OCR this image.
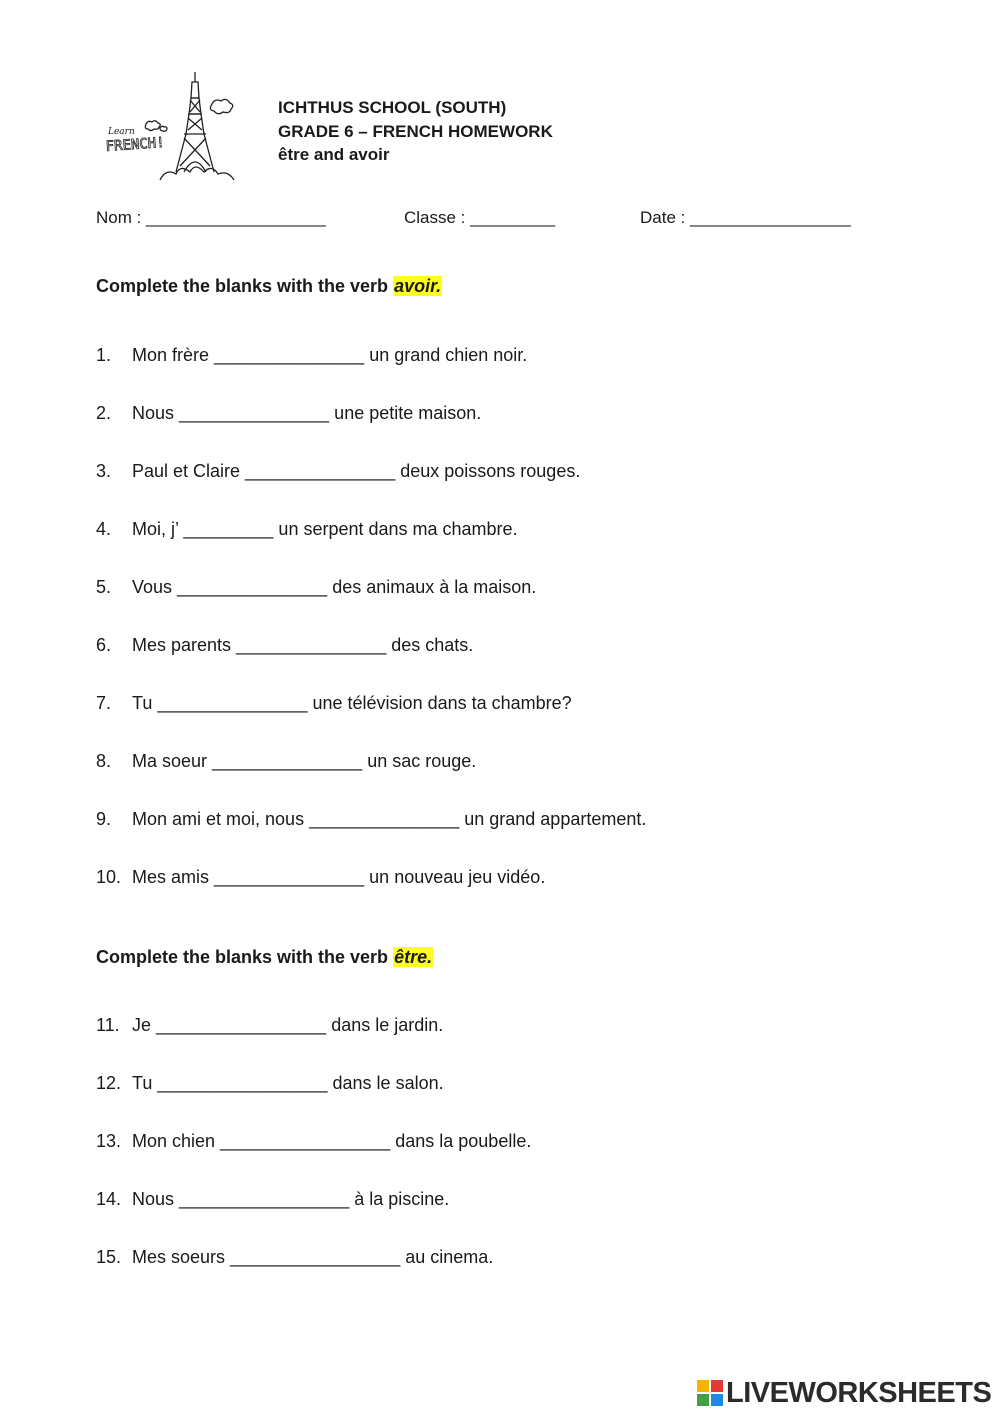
Learn
FRENCH!
ICHTHUS SCHOOL (SOUTH)
GRADE 6 – FRENCH HOMEWORK
être and avoir
Nom : ___________________	Classe : _________	Date : _________________
Complete the blanks with the verb avoir.
1. Mon frère _______________ un grand chien noir.
2. Nous _______________ une petite maison.
3. Paul et Claire _______________ deux poissons rouges.
4. Moi, j’ _________ un serpent dans ma chambre.
5. Vous _______________ des animaux à la maison.
6. Mes parents _______________ des chats.
7. Tu _______________ une télévision dans ta chambre?
8. Ma soeur _______________ un sac rouge.
9. Mon ami et moi, nous _______________ un grand appartement.
10. Mes amis _______________ un nouveau jeu vidéo.
Complete the blanks with the verb être.
11. Je _________________ dans le jardin.
12. Tu _________________ dans le salon.
13. Mon chien _________________ dans la poubelle.
14. Nous _________________ à la piscine.
15. Mes soeurs _________________ au cinema.
LIVEWORKSHEETS
